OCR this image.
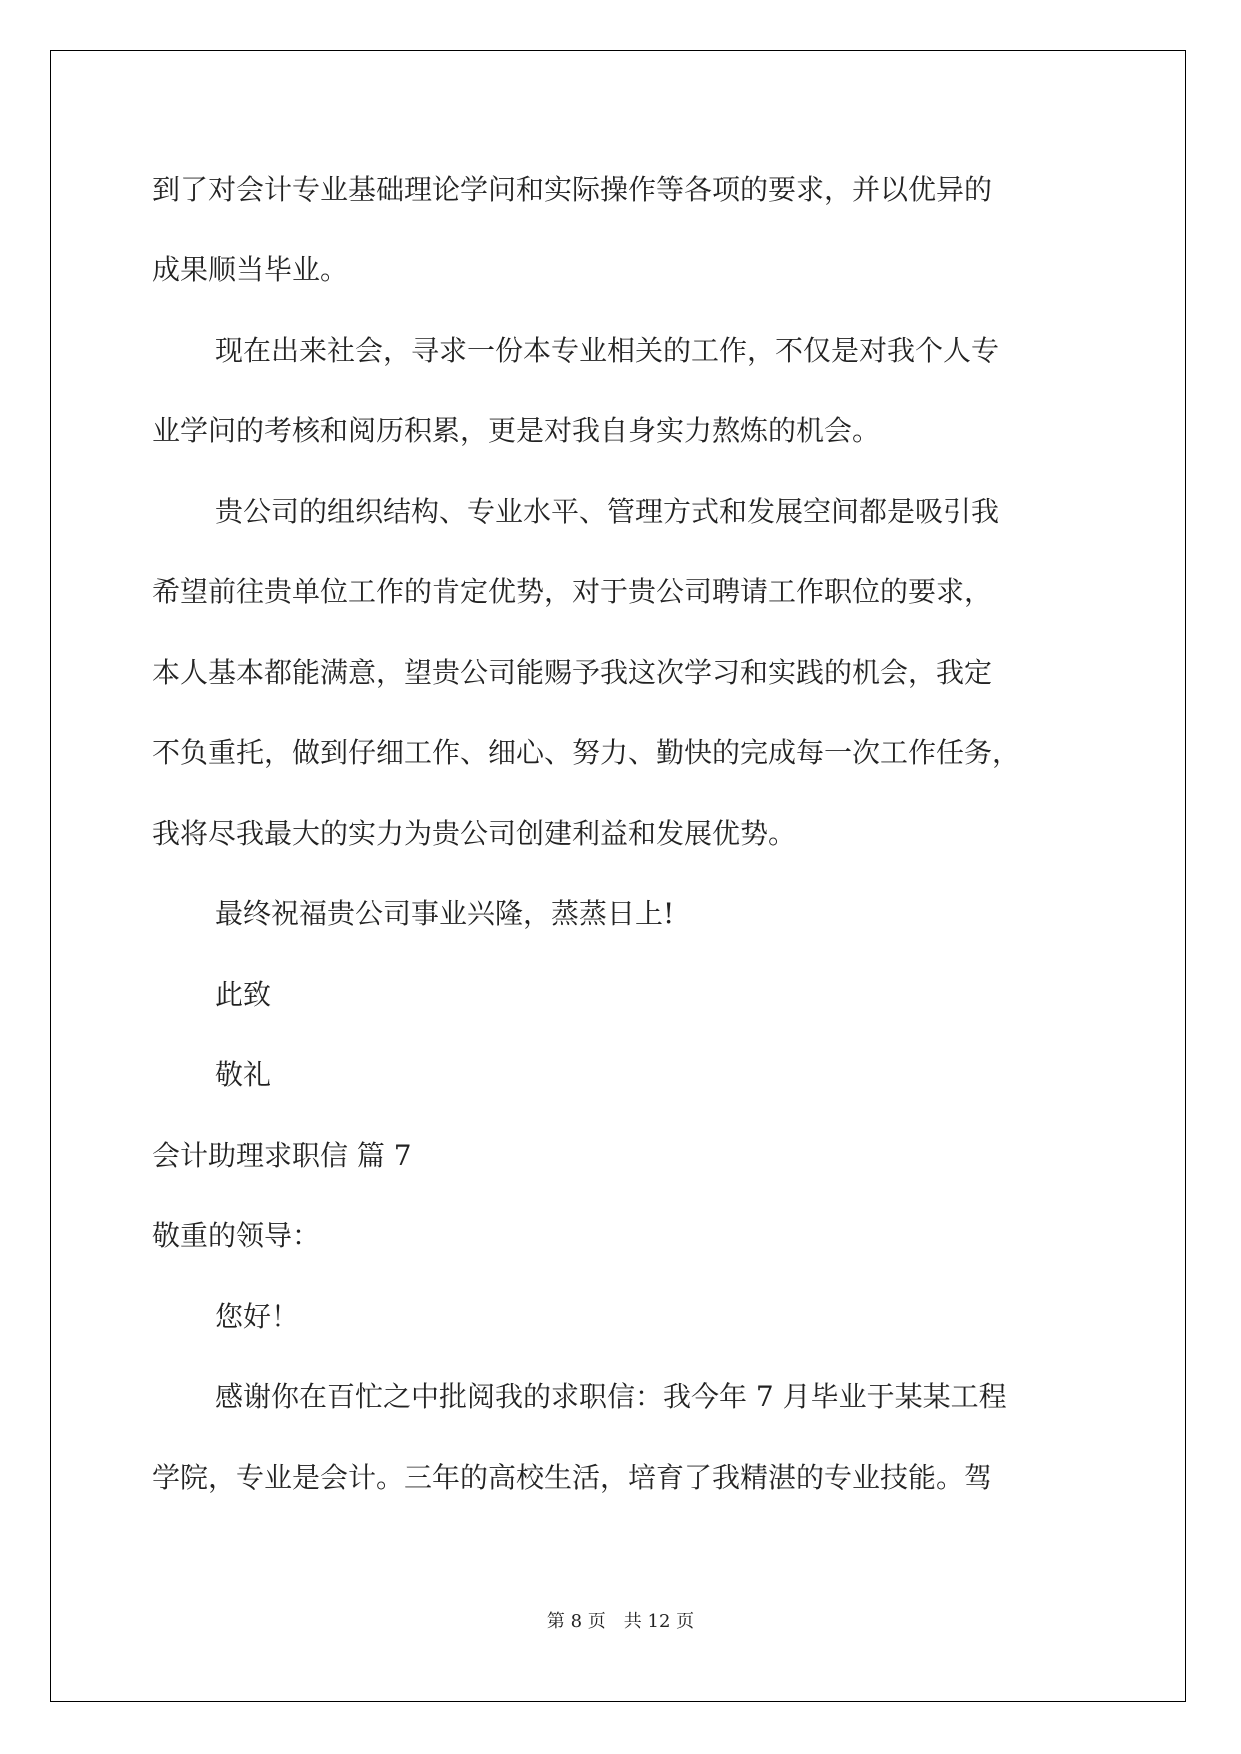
到了对会计专业基础理论学问和实际操作等各项的要求，并以优异的

成果顺当毕业。

现在出来社会，寻求一份本专业相关的工作，不仅是对我个人专

业学问的考核和阅历积累，更是对我自身实力熬炼的机会。

贵公司的组织结构、专业水平、管理方式和发展空间都是吸引我

希望前往贵单位工作的肯定优势，对于贵公司聘请工作职位的要求，

本人基本都能满意，望贵公司能赐予我这次学习和实践的机会，我定

不负重托，做到仔细工作、细心、努力、勤快的完成每一次工作任务，

我将尽我最大的实力为贵公司创建利益和发展优势。

最终祝福贵公司事业兴隆，蒸蒸日上!

此致

敬礼

会计助理求职信 篇 7

敬重的领导：

您好！

感谢你在百忙之中批阅我的求职信：我今年 7 月毕业于某某工程

学院，专业是会计。三年的高校生活，培育了我精湛的专业技能。驾

第 8 页　共 12 页
